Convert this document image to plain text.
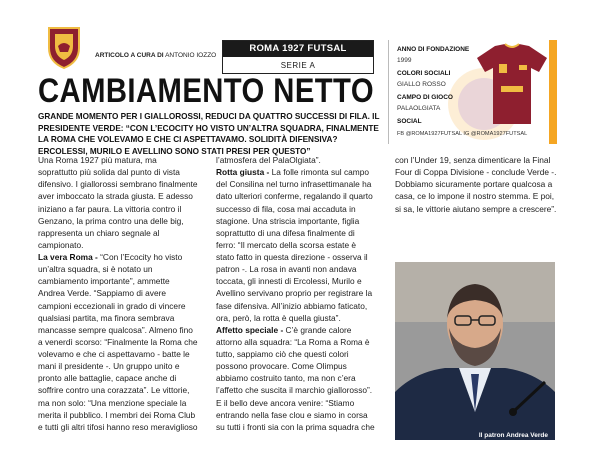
ARTICOLO A CURA DI ANTONIO IOZZO
ROMA 1927 FUTSAL
SERIE A
ANNO DI FONDAZIONE
1999
COLORI SOCIALI
GIALLO ROSSO
CAMPO DI GIOCO
PALAOLGIATA
SOCIAL
FB @ROMA1927FUTSAL IG @ROMA1927FUTSAL
CAMBIAMENTO NETTO
GRANDE MOMENTO PER I GIALLOROSSI, REDUCI DA QUATTRO SUCCESSI DI FILA. IL PRESIDENTE VERDE: “CON L’ECOCITY HO VISTO UN’ALTRA SQUADRA, FINALMENTE LA ROMA CHE VOLEVAMO E CHE CI ASPETTAVAMO. SOLIDITÀ DIFENSIVA? ERCOLESSI, MURILO E AVELLINO SONO STATI PRESI PER QUESTO”

Una Roma 1927 più matura, ma soprattutto più solida dal punto di vista difensivo. I giallorossi sembrano finalmente aver imboccato la strada giusta. E adesso iniziano a far paura. La vittoria contro il Genzano, la prima contro una delle big, rappresenta un chiaro segnale al campionato.

La vera Roma - “Con l’Ecocity ho visto un’altra squadra, si è notato un cambiamento importante”, ammette Andrea Verde. “Sappiamo di avere campioni eccezionali in grado di vincere qualsiasi partita, ma finora sembrava mancasse sempre qualcosa”. Almeno fino a venerdì scorso: “Finalmente la Roma che volevamo e che ci aspettavamo - batte le mani il presidente -. Un gruppo unito e pronto alle battaglie, capace anche di soffrire contro una corazzata”. Le vittorie, ma non solo: “Una menzione speciale la merita il pubblico. I membri dei Roma Club e tutti gli altri tifosi hanno reso meraviglioso

l’atmosfera del PalaOlgiata”.

Rotta giusta - La folle rimonta sul campo del Consilina nel turno infrasettimanale ha dato ulteriori conferme, regalando il quarto successo di fila, cosa mai accaduta in stagione. Una striscia importante, figlia soprattutto di una difesa finalmente di ferro: “Il mercato della scorsa estate è stato fatto in questa direzione - osserva il patron -. La rosa in avanti non andava toccata, gli innesti di Ercolessi, Murilo e Avellino servivano proprio per registrare la fase difensiva. All’inizio abbiamo faticato, ora, però, la rotta è quella giusta”.

Affetto speciale - C’è grande calore attorno alla squadra: “La Roma a Roma è tutto, sappiamo ciò che questi colori possono provocare. Come Olimpus abbiamo costruito tanto, ma non c’era l’affetto che suscita il marchio giallorosso”. E il bello deve ancora venire: “Stiamo entrando nella fase clou e siamo in corsa su tutti i fronti sia con la prima squadra che

Il patron Andrea Verde

con l’Under 19, senza dimenticare la Final Four di Coppa Divisione - conclude Verde -. Dobbiamo sicuramente portare qualcosa a casa, ce lo impone il nostro stemma. E poi, si sa, le vittorie aiutano sempre a crescere”.
